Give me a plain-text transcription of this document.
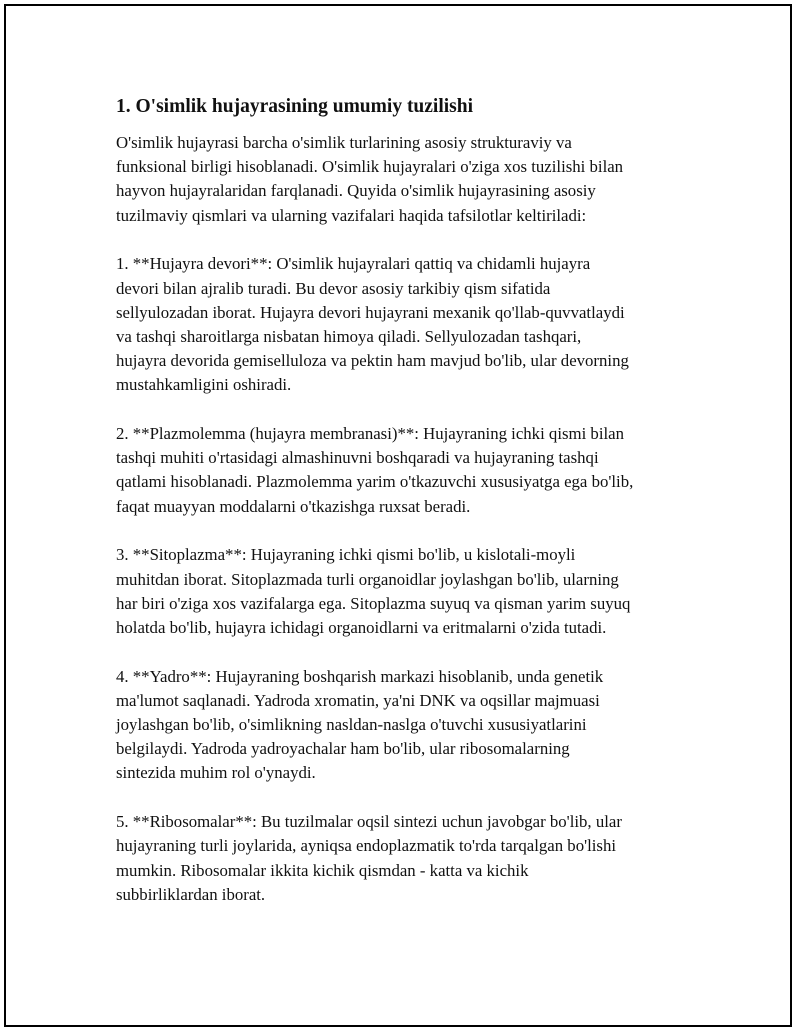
1. O'simlik hujayrasining umumiy tuzilishi

O'simlik hujayrasi barcha o'simlik turlarining asosiy strukturaviy va
funksional birligi hisoblanadi. O'simlik hujayralari o'ziga xos tuzilishi bilan
hayvon hujayralaridan farqlanadi. Quyida o'simlik hujayrasining asosiy
tuzilmaviy qismlari va ularning vazifalari haqida tafsilotlar keltiriladi:

1. **Hujayra devori**: O'simlik hujayralari qattiq va chidamli hujayra
devori bilan ajralib turadi. Bu devor asosiy tarkibiy qism sifatida
sellyulozadan iborat. Hujayra devori hujayrani mexanik qo'llab-quvvatlaydi
va tashqi sharoitlarga nisbatan himoya qiladi. Sellyulozadan tashqari,
hujayra devorida gemiselluloza va pektin ham mavjud bo'lib, ular devorning
mustahkamligini oshiradi.

2. **Plazmolemma (hujayra membranasi)**: Hujayraning ichki qismi bilan
tashqi muhiti o'rtasidagi almashinuvni boshqaradi va hujayraning tashqi
qatlami hisoblanadi. Plazmolemma yarim o'tkazuvchi xususiyatga ega bo'lib,
faqat muayyan moddalarni o'tkazishga ruxsat beradi.

3. **Sitoplazma**: Hujayraning ichki qismi bo'lib, u kislotali-moyli
muhitdan iborat. Sitoplazmada turli organoidlar joylashgan bo'lib, ularning
har biri o'ziga xos vazifalarga ega. Sitoplazma suyuq va qisman yarim suyuq
holatda bo'lib, hujayra ichidagi organoidlarni va eritmalarni o'zida tutadi.

4. **Yadro**: Hujayraning boshqarish markazi hisoblanib, unda genetik
ma'lumot saqlanadi. Yadroda xromatin, ya'ni DNK va oqsillar majmuasi
joylashgan bo'lib, o'simlikning nasldan-naslga o'tuvchi xususiyatlarini
belgilaydi. Yadroda yadroyachalar ham bo'lib, ular ribosomalarning
sintezida muhim rol o'ynaydi.

5. **Ribosomalar**: Bu tuzilmalar oqsil sintezi uchun javobgar bo'lib, ular
hujayraning turli joylarida, ayniqsa endoplazmatik to'rda tarqalgan bo'lishi
mumkin. Ribosomalar ikkita kichik qismdan - katta va kichik
subbirliklardan iborat.
